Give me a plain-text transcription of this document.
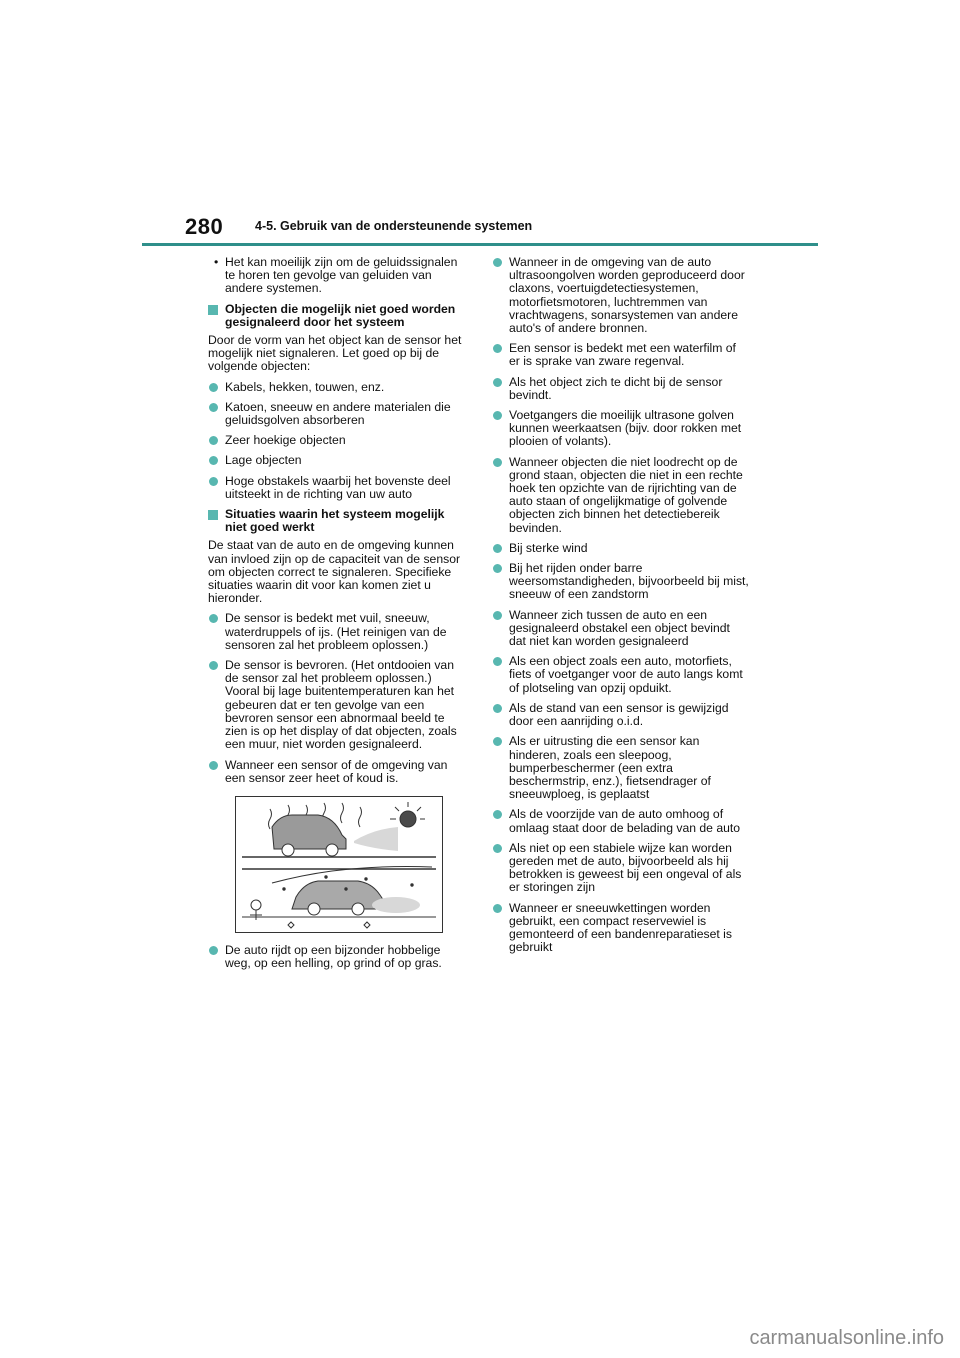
280	4-5. Gebruik van de ondersteunende systemen
• Het kan moeilijk zijn om de geluidssignalen te horen ten gevolge van geluiden van andere systemen.
Objecten die mogelijk niet goed worden gesignaleerd door het systeem

Door de vorm van het object kan de sensor het mogelijk niet signaleren. Let goed op bij de volgende objecten:

Kabels, hekken, touwen, enz.
Katoen, sneeuw en andere materialen die geluidsgolven absorberen
Zeer hoekige objecten
Lage objecten
Hoge obstakels waarbij het bovenste deel uitsteekt in de richting van uw auto
Situaties waarin het systeem mogelijk niet goed werkt

De staat van de auto en de omgeving kunnen van invloed zijn op de capaciteit van de sensor om objecten correct te signaleren. Specifieke situaties waarin dit voor kan komen ziet u hieronder.

De sensor is bedekt met vuil, sneeuw, waterdruppels of ijs. (Het reinigen van de sensoren zal het probleem oplossen.)
De sensor is bevroren. (Het ontdooien van de sensor zal het probleem oplossen.) Vooral bij lage buitentemperaturen kan het gebeuren dat er ten gevolge van een bevroren sensor een abnormaal beeld te zien is op het display of dat objecten, zoals een muur, niet worden gesignaleerd.
Wanneer een sensor of de omgeving van een sensor zeer heet of koud is.
De auto rijdt op een bijzonder hobbelige weg, op een helling, op grind of op gras.
Wanneer in de omgeving van de auto ultrasoongolven worden geproduceerd door claxons, voertuigdetectiesystemen, motorfietsmotoren, luchtremmen van vrachtwagens, sonarsystemen van andere auto's of andere bronnen.
Een sensor is bedekt met een waterfilm of er is sprake van zware regenval.
Als het object zich te dicht bij de sensor bevindt.
Voetgangers die moeilijk ultrasone golven kunnen weerkaatsen (bijv. door rokken met plooien of volants).
Wanneer objecten die niet loodrecht op de grond staan, objecten die niet in een rechte hoek ten opzichte van de rijrichting van de auto staan of ongelijkmatige of golvende objecten zich binnen het detectiebereik bevinden.
Bij sterke wind
Bij het rijden onder barre weersomstandigheden, bijvoorbeeld bij mist, sneeuw of een zandstorm
Wanneer zich tussen de auto en een gesignaleerd obstakel een object bevindt dat niet kan worden gesignaleerd
Als een object zoals een auto, motorfiets, fiets of voetganger voor de auto langs komt of plotseling van opzij opduikt.
Als de stand van een sensor is gewijzigd door een aanrijding o.i.d.
Als er uitrusting die een sensor kan hinderen, zoals een sleepoog, bumperbeschermer (een extra beschermstrip, enz.), fietsendrager of sneeuwploeg, is geplaatst
Als de voorzijde van de auto omhoog of omlaag staat door de belading van de auto
Als niet op een stabiele wijze kan worden gereden met de auto, bijvoorbeeld als hij betrokken is geweest bij een ongeval of als er storingen zijn
Wanneer er sneeuwkettingen worden gebruikt, een compact reservewiel is gemonteerd of een bandenreparatieset is gebruikt
carmanualsonline.info
